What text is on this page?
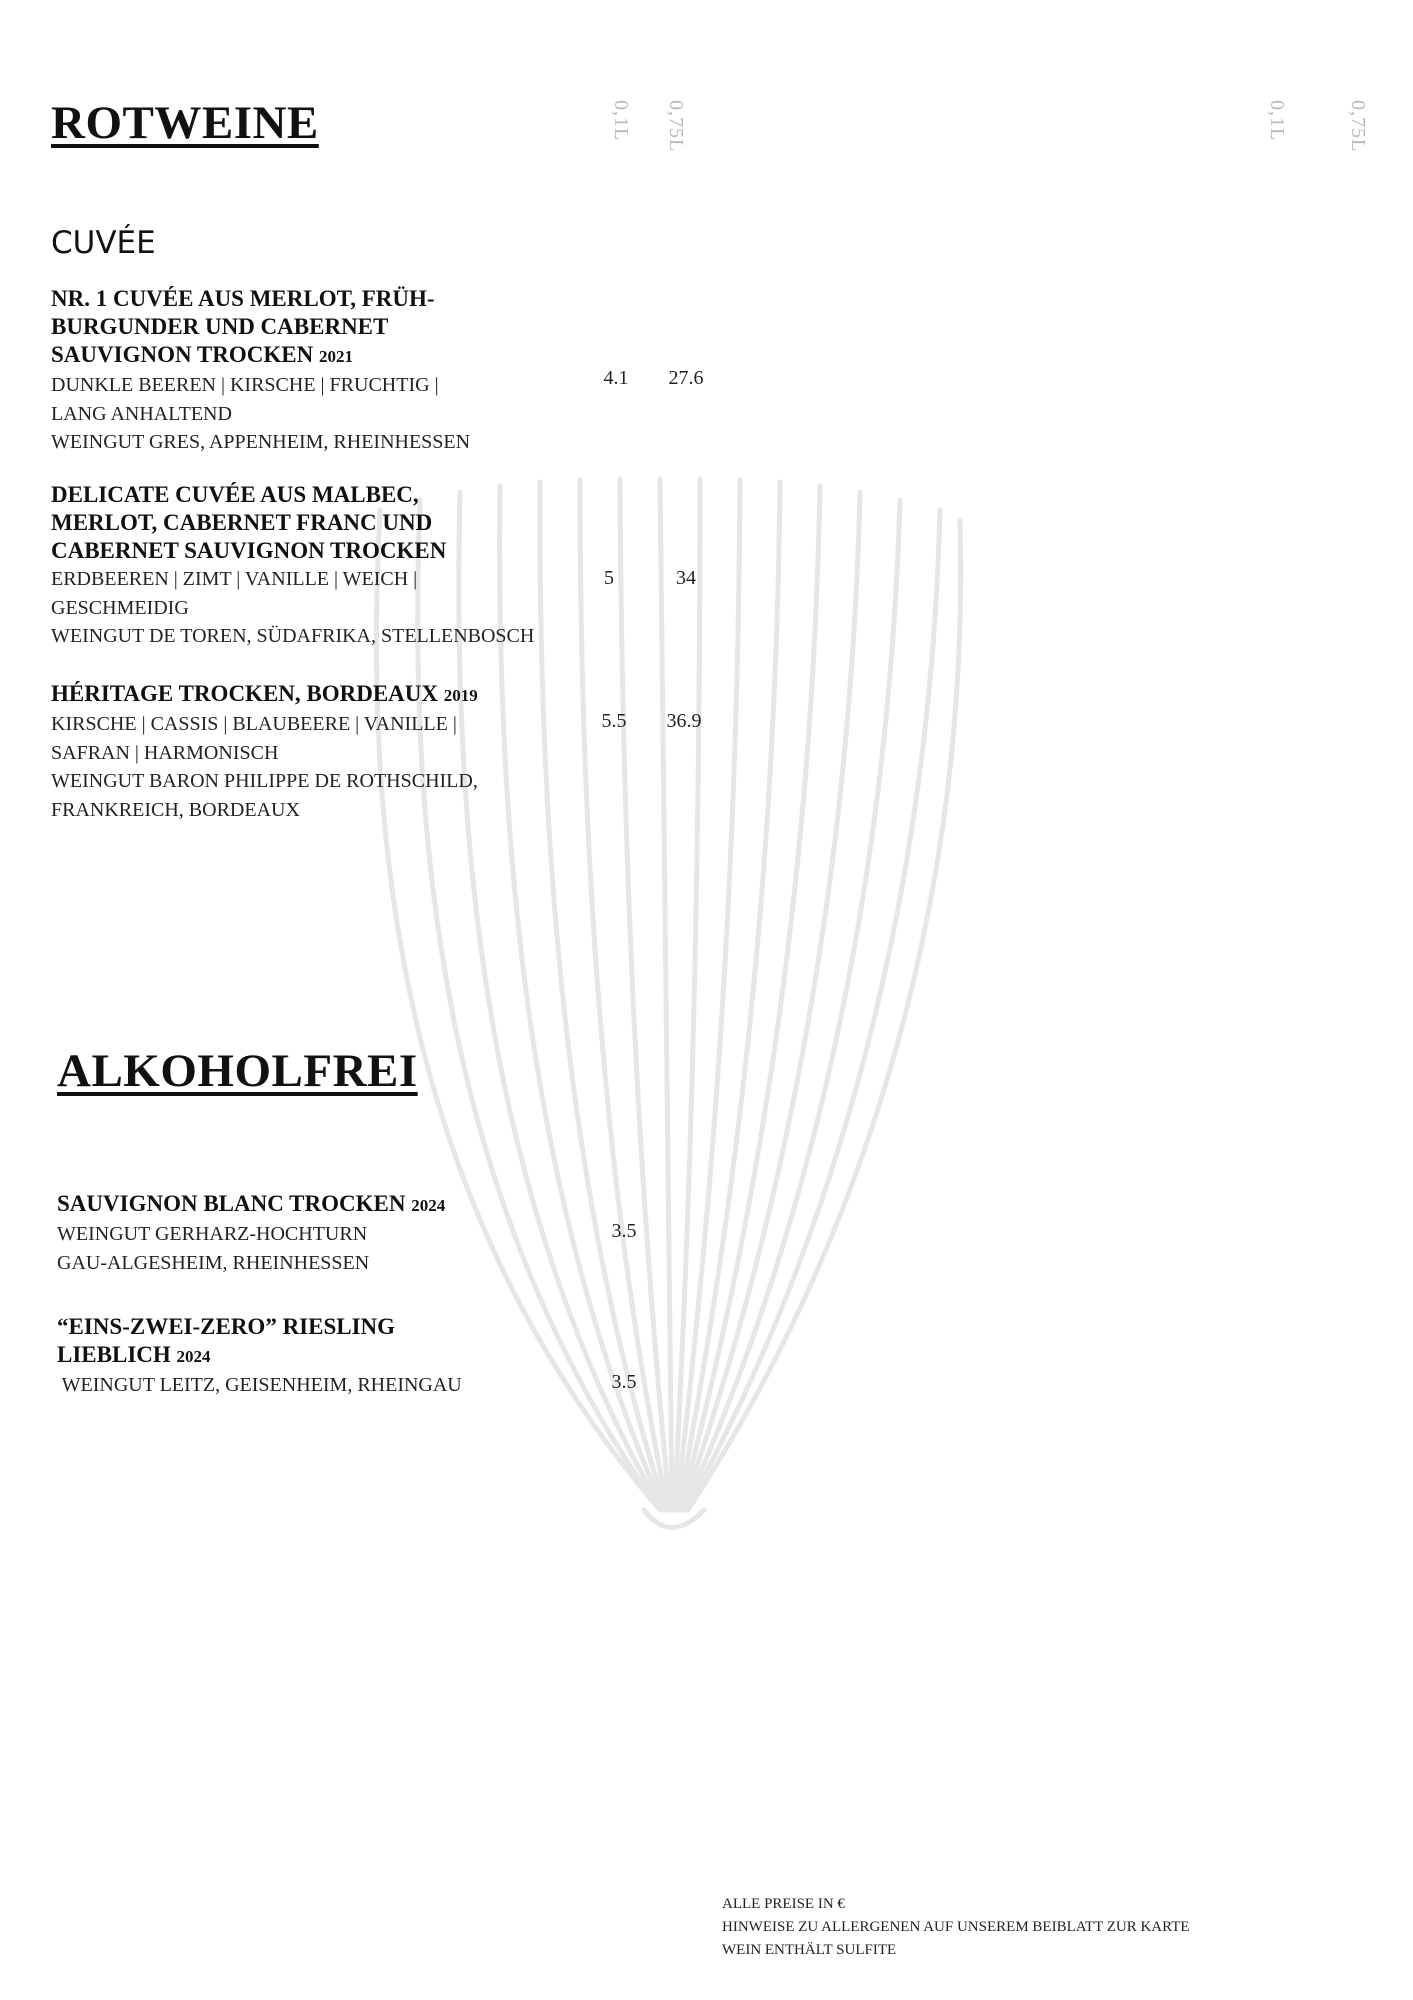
ROTWEINE	0,1L 0,75L	0,1L	0,75L
CUVÉE

NR. 1 CUVÉE AUS MERLOT, FRÜH-
BURGUNDER UND CABERNET
SAUVIGNON TROCKEN 2021

DUNKLE BEEREN | KIRSCHE | FRUCHTIG |
LANG ANHALTEND
WEINGUT GRES, APPENHEIM, RHEINHESSEN
4.1	27.6

DELICATE CUVÉE AUS MALBEC,
MERLOT, CABERNET FRANC UND
CABERNET SAUVIGNON TROCKEN

ERDBEEREN | ZIMT | VANILLE | WEICH |
GESCHMEIDIG
WEINGUT DE TOREN, SÜDAFRIKA, STELLENBOSCH
5	34

HÉRITAGE TROCKEN, BORDEAUX 2019

KIRSCHE | CASSIS | BLAUBEERE | VANILLE |
SAFRAN | HARMONISCH
WEINGUT BARON PHILIPPE DE ROTHSCHILD,
FRANKREICH, BORDEAUX
5.5	36.9
ALKOHOLFREI

SAUVIGNON BLANC TROCKEN 2024

WEINGUT GERHARZ-HOCHTURN
GAU-ALGESHEIM, RHEINHESSEN
3.5

“EINS-ZWEI-ZERO” RIESLING
LIEBLICH 2024

WEINGUT LEITZ, GEISENHEIM, RHEINGAU	3.5
ALLE PREISE IN €
HINWEISE ZU ALLERGENEN AUF UNSEREM BEIBLATT ZUR KARTE
WEIN ENTHÄLT SULFITE
